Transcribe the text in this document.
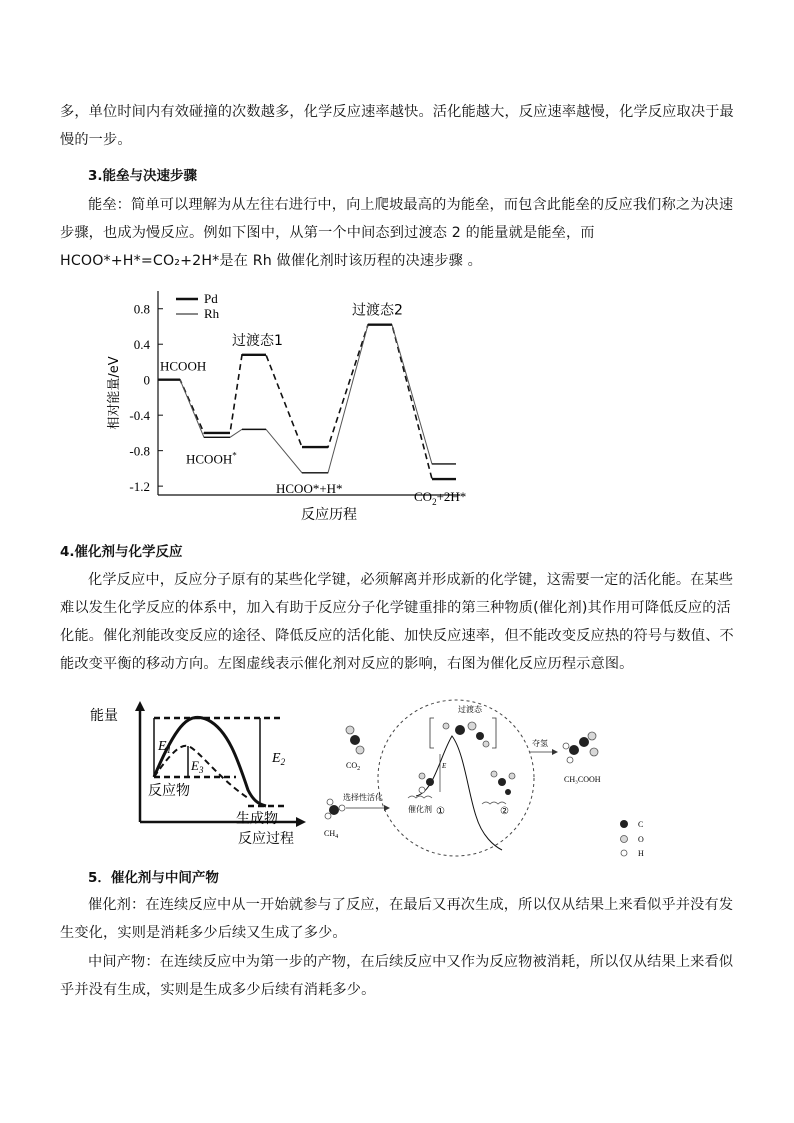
多，单位时间内有效碰撞的次数越多，化学反应速率越快。活化能越大，反应速率越慢，化学反应取决于最慢的一步。

3.能垒与决速步骤

能垒：简单可以理解为从左往右进行中，向上爬坡最高的为能垒，而包含此能垒的反应我们称之为决速步骤，也成为慢反应。例如下图中，从第一个中间态到过渡态 2 的能量就是能垒，而 HCOO*+H*=CO₂+2H*是在 Rh 做催化剂时该历程的决速步骤 。

0.8
0.4
0
-0.4
-0.8
-1.2
相对能量/eV
反应历程
Pd
Rh
HCOOH
HCOOH*
过渡态1
HCOO*+H*
过渡态2
$CO_2+2H*$
4.催化剂与化学反应

化学反应中，反应分子原有的某些化学键，必须解离并形成新的化学键，这需要一定的活化能。在某些难以发生化学反应的体系中，加入有助于反应分子化学键重排的第三种物质(催化剂)其作用可降低反应的活化能。催化剂能改变反应的途径、降低反应的活化能、加快反应速率，但不能改变反应热的符号与数值、不能改变平衡的移动方向。左图虚线表示催化剂对反应的影响，右图为催化反应历程示意图。

能量
反应过程
$E_1$
$E_3$
$E_2$
反应物
生成物
$CO_2$
$CH_4$
选择性活化
过渡态
E
催化剂 ①	②
夺氢
CH₃COOH
C
O
H
5．催化剂与中间产物

催化剂：在连续反应中从一开始就参与了反应，在最后又再次生成，所以仅从结果上来看似乎并没有发生变化，实则是消耗多少后续又生成了多少。

中间产物：在连续反应中为第一步的产物，在后续反应中又作为反应物被消耗，所以仅从结果上来看似乎并没有生成，实则是生成多少后续有消耗多少。
